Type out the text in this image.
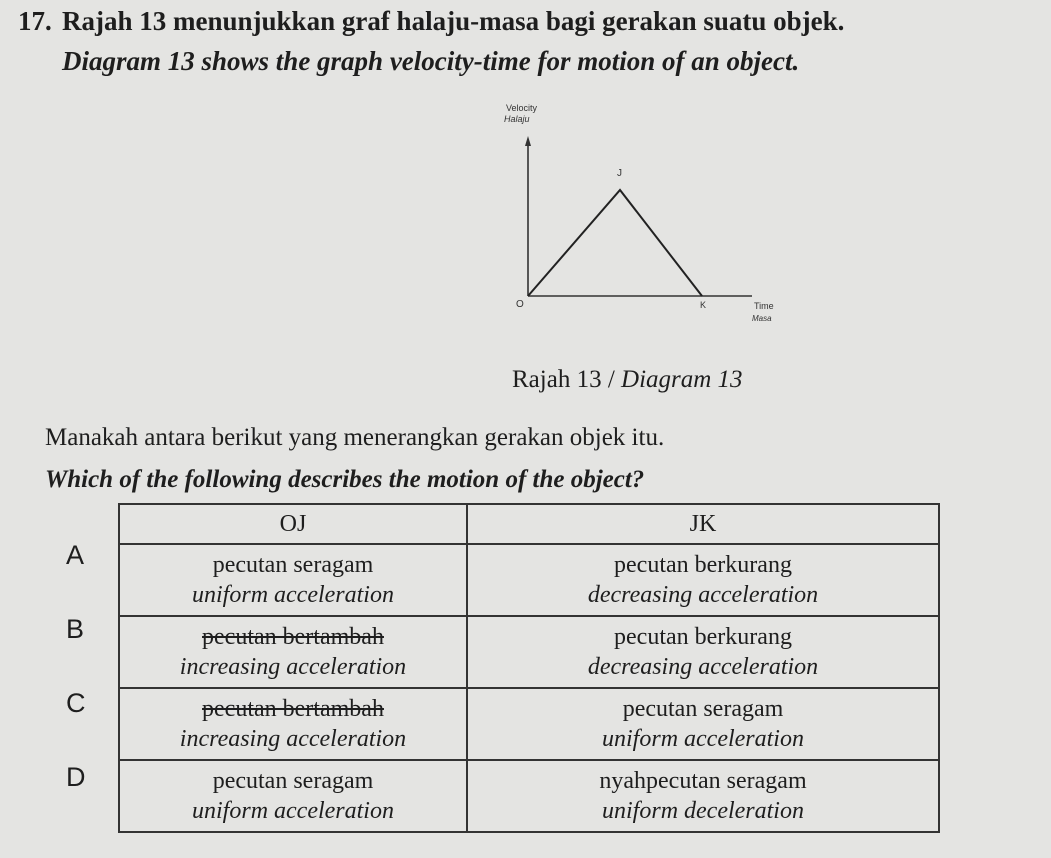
17. Rajah 13 menunjukkan graf halaju-masa bagi gerakan suatu objek.
Diagram 13 shows the graph velocity-time for motion of an object.
Velocity
Halaju
O
J
K	Time
Masa
Rajah 13 / Diagram 13
Manakah antara berikut yang menerangkan gerakan objek itu.
Which of the following describes the motion of the object?
A
B
C
D
OJ	JK

pecutan seragam
uniform acceleration	pecutan berkurang
decreasing acceleration

pecutan bertambah
increasing acceleration	pecutan berkurang
decreasing acceleration

pecutan bertambah
increasing acceleration	pecutan seragam
uniform acceleration

pecutan seragam
uniform acceleration	nyahpecutan seragam
uniform deceleration
